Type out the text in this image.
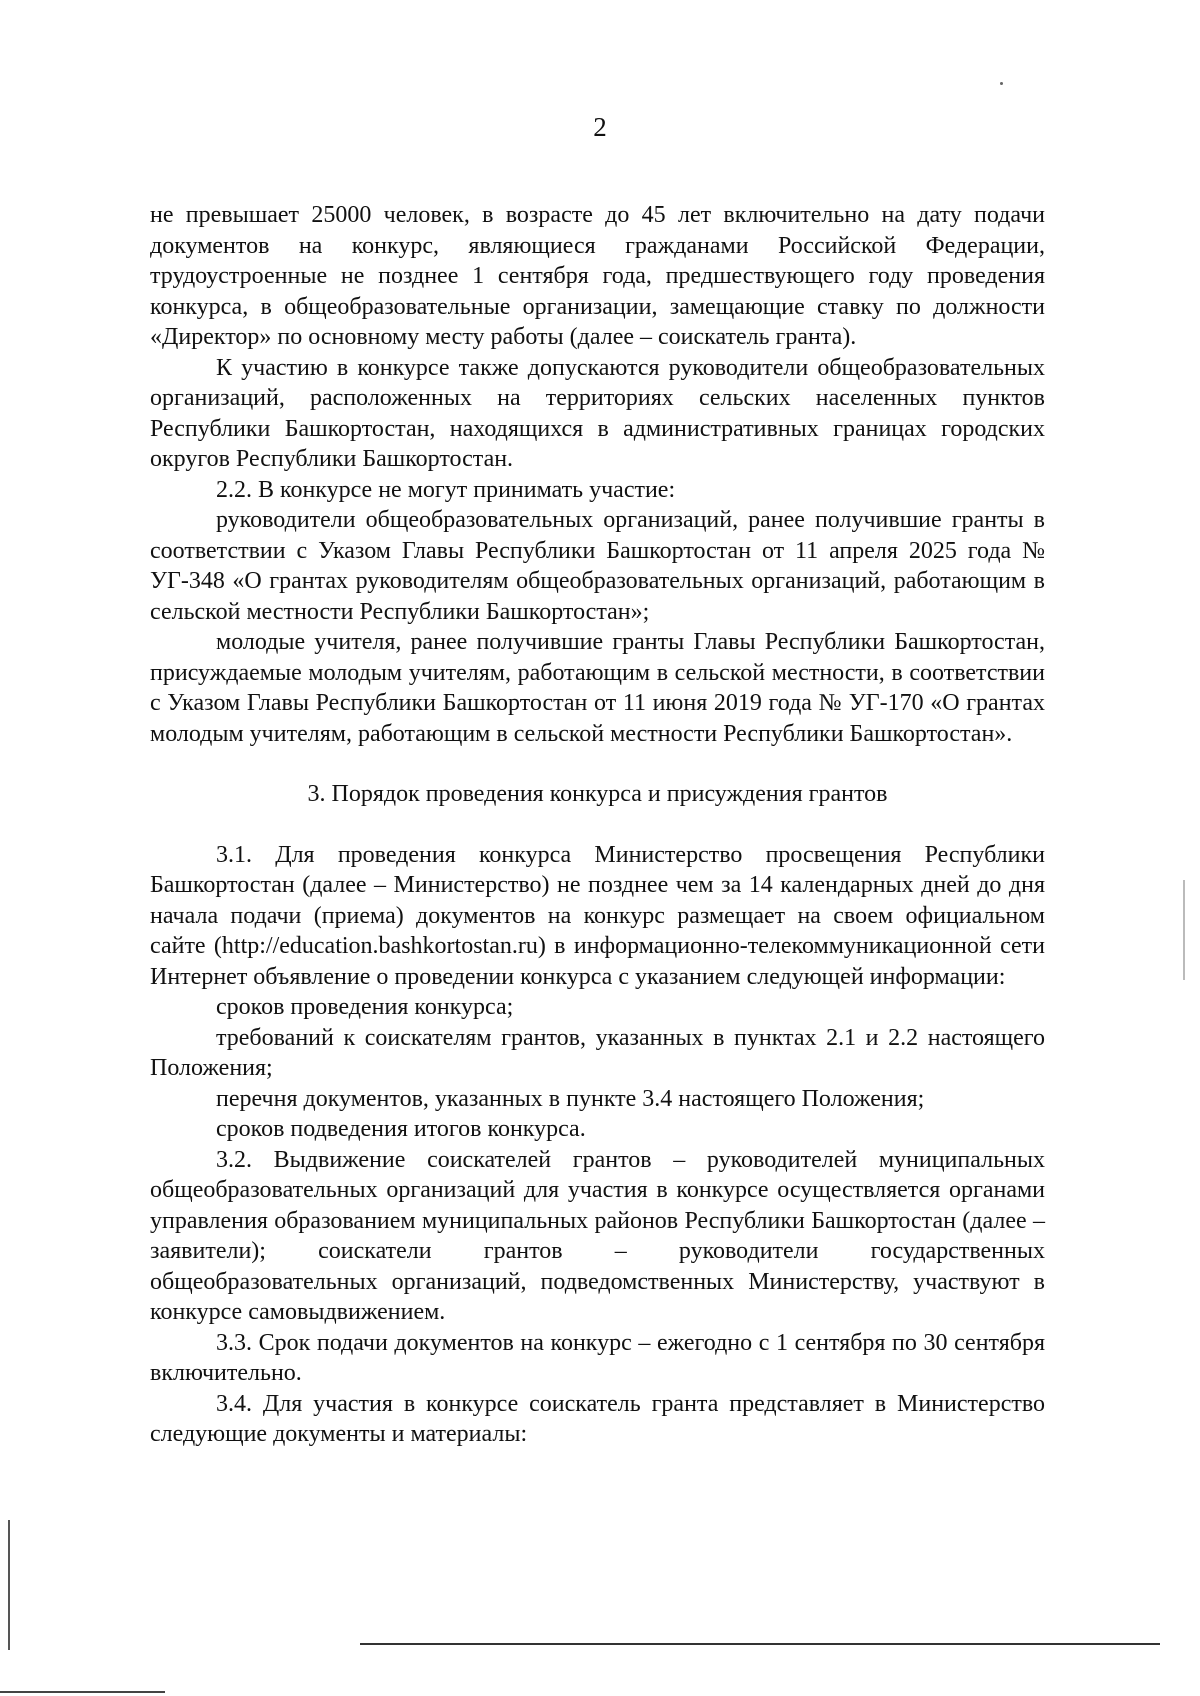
2

не превышает 25000 человек, в возрасте до 45 лет включительно на дату подачи документов на конкурс, являющиеся гражданами Российской Федерации, трудоустроенные не позднее 1 сентября года, предшествующего году проведения конкурса, в общеобразовательные организации, замещающие ставку по должности «Директор» по основному месту работы (далее – соискатель гранта).

К участию в конкурсе также допускаются руководители общеобразовательных организаций, расположенных на территориях сельских населенных пунктов Республики Башкортостан, находящихся в административных границах городских округов Республики Башкортостан.

2.2. В конкурсе не могут принимать участие:

руководители общеобразовательных организаций, ранее получившие гранты в соответствии с Указом Главы Республики Башкортостан от 11 апреля 2025 года № УГ-348 «О грантах руководителям общеобразовательных организаций, работающим в сельской местности Республики Башкортостан»;

молодые учителя, ранее получившие гранты Главы Республики Башкортостан, присуждаемые молодым учителям, работающим в сельской местности, в соответствии с Указом Главы Республики Башкортостан от 11 июня 2019 года № УГ-170 «О грантах молодым учителям, работающим в сельской местности Республики Башкортостан».

3. Порядок проведения конкурса и присуждения грантов

3.1. Для проведения конкурса Министерство просвещения Республики Башкортостан (далее – Министерство) не позднее чем за 14 календарных дней до дня начала подачи (приема) документов на конкурс размещает на своем официальном сайте (http://education.bashkortostan.ru) в информационно-телекоммуникационной сети Интернет объявление о проведении конкурса с указанием следующей информации:

сроков проведения конкурса;

требований к соискателям грантов, указанных в пунктах 2.1 и 2.2 настоящего Положения;

перечня документов, указанных в пункте 3.4 настоящего Положения;

сроков подведения итогов конкурса.

3.2. Выдвижение соискателей грантов – руководителей муниципальных общеобразовательных организаций для участия в конкурсе осуществляется органами управления образованием муниципальных районов Республики Башкортостан (далее – заявители); соискатели грантов – руководители государственных общеобразовательных организаций, подведомственных Министерству, участвуют в конкурсе самовыдвижением.

3.3. Срок подачи документов на конкурс – ежегодно с 1 сентября по 30 сентября включительно.

3.4. Для участия в конкурсе соискатель гранта представляет в Министерство следующие документы и материалы:
